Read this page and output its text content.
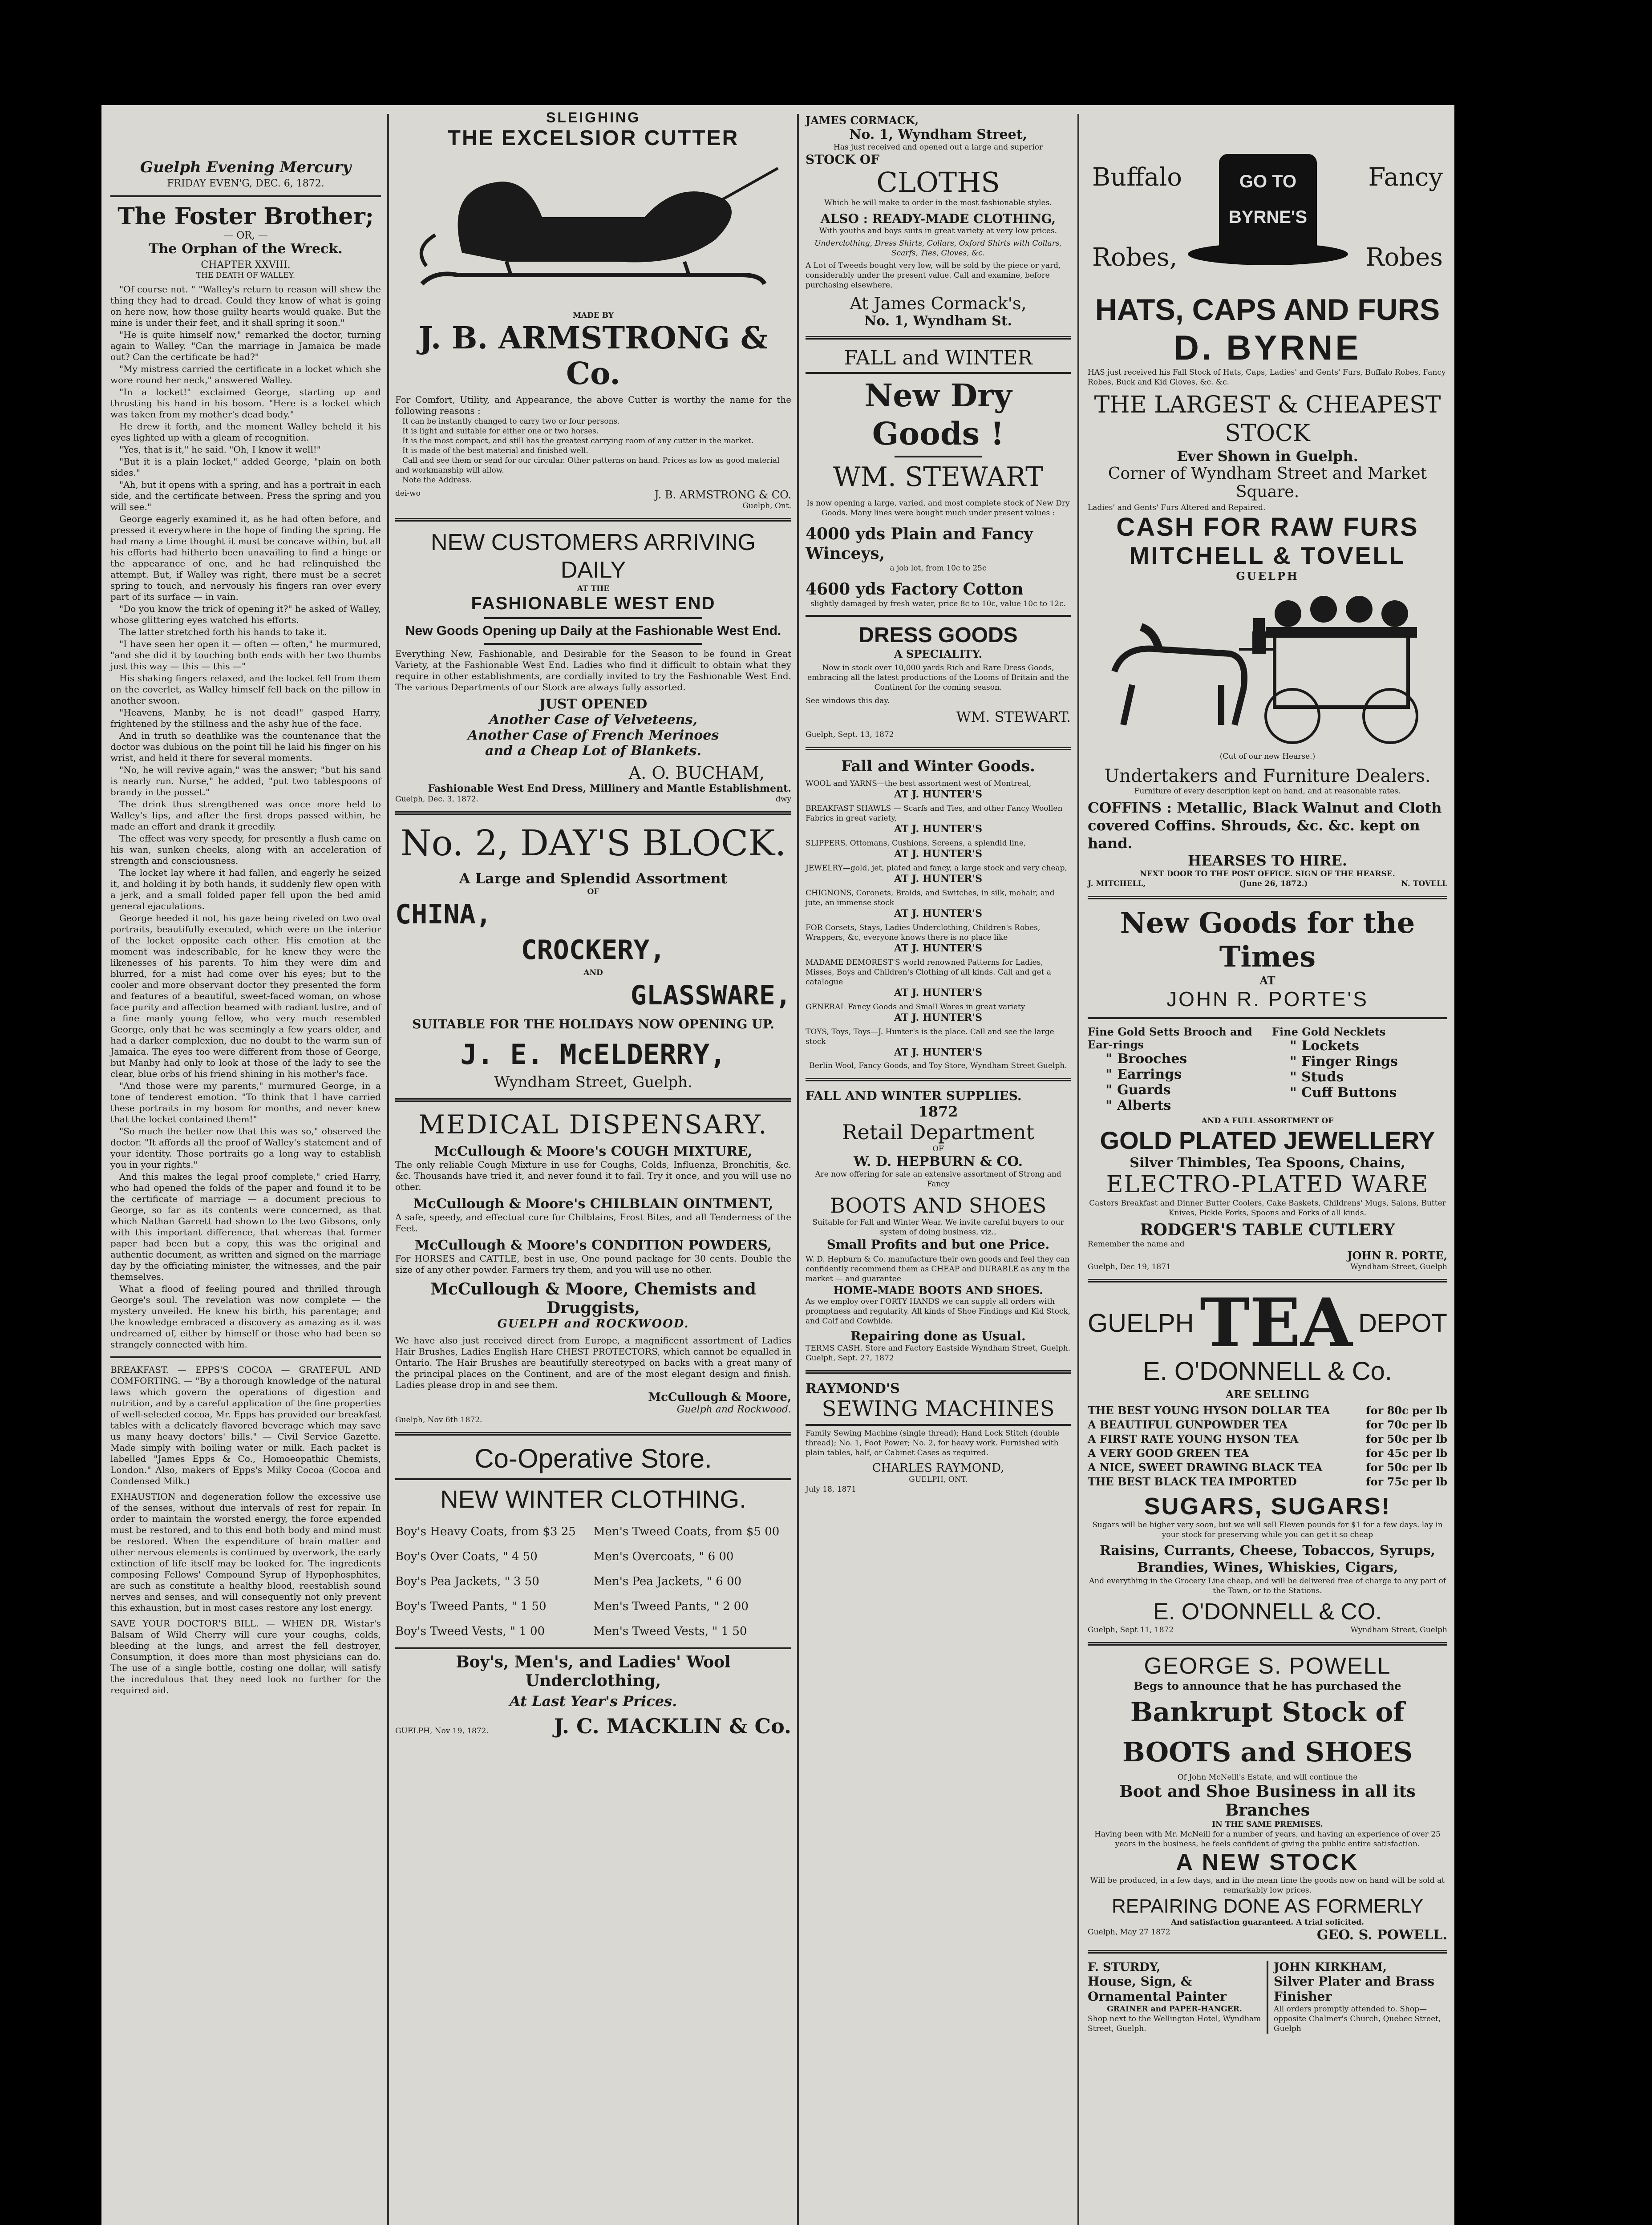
Guelph Evening Mercury
FRIDAY EVEN'G, DEC. 6, 1872.
The Foster Brother;
— OR, —
The Orphan of the Wreck.
CHAPTER XXVIII.
THE DEATH OF WALLEY.

"Of course not. " "Walley's return to reason will shew the thing they had to dread. Could they know of what is going on here now, how those guilty hearts would quake. But the mine is under their feet, and it shall spring it soon."

"He is quite himself now," remarked the doctor, turning again to Walley. "Can the marriage in Jamaica be made out? Can the certificate be had?"

"My mistress carried the certificate in a locket which she wore round her neck," answered Walley.

"In a locket!" exclaimed George, starting up and thrusting his hand in his bosom. "Here is a locket which was taken from my mother's dead body."

He drew it forth, and the moment Walley beheld it his eyes lighted up with a gleam of recognition.

"Yes, that is it," he said. "Oh, I know it well!"

"But it is a plain locket," added George, "plain on both sides."

"Ah, but it opens with a spring, and has a portrait in each side, and the certificate between. Press the spring and you will see."

George eagerly examined it, as he had often before, and pressed it everywhere in the hope of finding the spring. He had many a time thought it must be concave within, but all his efforts had hitherto been unavailing to find a hinge or the appearance of one, and he had relinquished the attempt. But, if Walley was right, there must be a secret spring to touch, and nervously his fingers ran over every part of its surface — in vain.

"Do you know the trick of opening it?" he asked of Walley, whose glittering eyes watched his efforts.

The latter stretched forth his hands to take it.

"I have seen her open it — often — often," he murmured, "and she did it by touching both ends with her two thumbs just this way — this — this —"

His shaking fingers relaxed, and the locket fell from them on the coverlet, as Walley himself fell back on the pillow in another swoon.

"Heavens, Manby, he is not dead!" gasped Harry, frightened by the stillness and the ashy hue of the face.

And in truth so deathlike was the countenance that the doctor was dubious on the point till he laid his finger on his wrist, and held it there for several moments.

"No, he will revive again," was the answer; "but his sand is nearly run. Nurse," he added, "put two tablespoons of brandy in the posset."

The drink thus strengthened was once more held to Walley's lips, and after the first drops passed within, he made an effort and drank it greedily.

The effect was very speedy, for presently a flush came on his wan, sunken cheeks, along with an acceleration of strength and consciousness.

The locket lay where it had fallen, and eagerly he seized it, and holding it by both hands, it suddenly flew open with a jerk, and a small folded paper fell upon the bed amid general ejaculations.

George heeded it not, his gaze being riveted on two oval portraits, beautifully executed, which were on the interior of the locket opposite each other. His emotion at the moment was indescribable, for he knew they were the likenesses of his parents. To him they were dim and blurred, for a mist had come over his eyes; but to the cooler and more observant doctor they presented the form and features of a beautiful, sweet-faced woman, on whose face purity and affection beamed with radiant lustre, and of a fine manly young fellow, who very much resembled George, only that he was seemingly a few years older, and had a darker complexion, due no doubt to the warm sun of Jamaica. The eyes too were different from those of George, but Manby had only to look at those of the lady to see the clear, blue orbs of his friend shining in his mother's face.

"And those were my parents," murmured George, in a tone of tenderest emotion. "To think that I have carried these portraits in my bosom for months, and never knew that the locket contained them!"

"So much the better now that this was so," observed the doctor. "It affords all the proof of Walley's statement and of your identity. Those portraits go a long way to establish you in your rights."

And this makes the legal proof complete," cried Harry, who had opened the folds of the paper and found it to be the certificate of marriage — a document precious to George, so far as its contents were concerned, as that which Nathan Garrett had shown to the two Gibsons, only with this important difference, that whereas that former paper had been but a copy, this was the original and authentic document, as written and signed on the marriage day by the officiating minister, the witnesses, and the pair themselves.

What a flood of feeling poured and thrilled through George's soul. The revelation was now complete — the mystery unveiled. He knew his birth, his parentage; and the knowledge embraced a discovery as amazing as it was undreamed of, either by himself or those who had been so strangely connected with him.

BREAKFAST. — EPPS'S COCOA — GRATEFUL AND COMFORTING. — "By a thorough knowledge of the natural laws which govern the operations of digestion and nutrition, and by a careful application of the fine properties of well-selected cocoa, Mr. Epps has provided our breakfast tables with a delicately flavored beverage which may save us many heavy doctors' bills." — Civil Service Gazette. Made simply with boiling water or milk. Each packet is labelled "James Epps & Co., Homoeopathic Chemists, London." Also, makers of Epps's Milky Cocoa (Cocoa and Condensed Milk.)

EXHAUSTION and degeneration follow the excessive use of the senses, without due intervals of rest for repair. In order to maintain the worsted energy, the force expended must be restored, and to this end both body and mind must be restored. When the expenditure of brain matter and other nervous elements is continued by overwork, the early extinction of life itself may be looked for. The ingredients composing Fellows' Compound Syrup of Hypophosphites, are such as constitute a healthy blood, reestablish sound nerves and senses, and will consequently not only prevent this exhaustion, but in most cases restore any lost energy.

SAVE YOUR DOCTOR'S BILL. — WHEN DR. Wistar's Balsam of Wild Cherry will cure your coughs, colds, bleeding at the lungs, and arrest the fell destroyer, Consumption, it does more than most physicians can do. The use of a single bottle, costing one dollar, will satisfy the incredulous that they need look no further for the required aid.

SLEIGHING
THE EXCELSIOR CUTTER
MADE BY
J. B. ARMSTRONG & Co.

For Comfort, Utility, and Appearance, the above Cutter is worthy the name for the following reasons :

It can be instantly changed to carry two or four persons.

It is light and suitable for either one or two horses.

It is the most compact, and still has the greatest carrying room of any cutter in the market.

It is made of the best material and finished well.

Call and see them or send for our circular. Other patterns on hand. Prices as low as good material and workmanship will allow.

Note the Address.

dei-wo	J. B. ARMSTRONG & CO.
Guelph, Ont.
NEW CUSTOMERS ARRIVING DAILY
AT THE
FASHIONABLE WEST END
New Goods Opening up Daily at the Fashionable West End.

Everything New, Fashionable, and Desirable for the Season to be found in Great Variety, at the Fashionable West End. Ladies who find it difficult to obtain what they require in other establishments, are cordially invited to try the Fashionable West End. The various Departments of our Stock are always fully assorted.

JUST OPENED
Another Case of Velveteens,
Another Case of French Merinoes
and a Cheap Lot of Blankets.
A. O. BUCHAM,
Fashionable West End Dress, Millinery and Mantle Establishment.
Guelph, Dec. 3, 1872.	dwy
No. 2, DAY'S BLOCK.
A Large and Splendid Assortment
OF
CHINA,
CROCKERY,
AND
GLASSWARE,
SUITABLE FOR THE HOLIDAYS NOW OPENING UP.
J. E. McELDERRY,
Wyndham Street, Guelph.
MEDICAL DISPENSARY.
McCullough & Moore's COUGH MIXTURE,

The only reliable Cough Mixture in use for Coughs, Colds, Influenza, Bronchitis, &c. &c. Thousands have tried it, and never found it to fail. Try it once, and you will use no other.

McCullough & Moore's CHILBLAIN OINTMENT,

A safe, speedy, and effectual cure for Chilblains, Frost Bites, and all Tenderness of the Feet.

McCullough & Moore's CONDITION POWDERS,

For HORSES and CATTLE, best in use, One pound package for 30 cents. Double the size of any other powder. Farmers try them, and you will use no other.

McCullough & Moore, Chemists and Druggists,
GUELPH and ROCKWOOD.

We have also just received direct from Europe, a magnificent assortment of Ladies Hair Brushes, Ladies English Hare CHEST PROTECTORS, which cannot be equalled in Ontario. The Hair Brushes are beautifully stereotyped on backs with a great many of the principal places on the Continent, and are of the most elegant design and finish. Ladies please drop in and see them.

McCullough & Moore,
Guelph and Rockwood.
Guelph, Nov 6th 1872.
Co-Operative Store.
NEW WINTER CLOTHING.
Boy's Heavy Coats, from $3 25	Men's Tweed Coats, from $5 00
Boy's Over Coats, " 4 50	Men's Overcoats, " 6 00
Boy's Pea Jackets, " 3 50	Men's Pea Jackets, " 6 00
Boy's Tweed Pants, " 1 50	Men's Tweed Pants, " 2 00
Boy's Tweed Vests, " 1 00	Men's Tweed Vests, " 1 50
Boy's, Men's, and Ladies' Wool Underclothing,
At Last Year's Prices.
GUELPH, Nov 19, 1872.	J. C. MACKLIN & Co.
JAMES CORMACK,
No. 1, Wyndham Street,

Has just received and opened out a large and superior

STOCK OF
CLOTHS

Which he will make to order in the most fashionable styles.

ALSO : READY-MADE CLOTHING,

With youths and boys suits in great variety at very low prices.

Underclothing, Dress Shirts, Collars, Oxford Shirts with Collars, Scarfs, Ties, Gloves, &c.

A Lot of Tweeds bought very low, will be sold by the piece or yard, considerably under the present value. Call and examine, before purchasing elsewhere,

At James Cormack's,
No. 1, Wyndham St.
FALL and WINTER
New Dry Goods !
WM. STEWART

Is now opening a large, varied, and most complete stock of New Dry Goods. Many lines were bought much under present values :

4000 yds Plain and Fancy Winceys,
a job lot, from 10c to 25c
4600 yds Factory Cotton
slightly damaged by fresh water, price 8c to 10c, value 10c to 12c.
DRESS GOODS
A SPECIALITY.

Now in stock over 10,000 yards Rich and Rare Dress Goods, embracing all the latest productions of the Looms of Britain and the Continent for the coming season.

See windows this day.
WM. STEWART.
Guelph, Sept. 13, 1872
Fall and Winter Goods.

WOOL and YARNS—the best assortment west of Montreal,

AT J. HUNTER'S

BREAKFAST SHAWLS — Scarfs and Ties, and other Fancy Woollen Fabrics in great variety,

AT J. HUNTER'S

SLIPPERS, Ottomans, Cushions, Screens, a splendid line,

AT J. HUNTER'S

JEWELRY—gold, jet, plated and fancy, a large stock and very cheap,

AT J. HUNTER'S

CHIGNONS, Coronets, Braids, and Switches, in silk, mohair, and jute, an immense stock

AT J. HUNTER'S

FOR Corsets, Stays, Ladies Underclothing, Children's Robes, Wrappers, &c, everyone knows there is no place like

AT J. HUNTER'S

MADAME DEMOREST'S world renowned Patterns for Ladies, Misses, Boys and Children's Clothing of all kinds. Call and get a catalogue

AT J. HUNTER'S

GENERAL Fancy Goods and Small Wares in great variety

AT J. HUNTER'S

TOYS, Toys, Toys—J. Hunter's is the place. Call and see the large stock

AT J. HUNTER'S

Berlin Wool, Fancy Goods, and Toy Store, Wyndham Street Guelph.

FALL AND WINTER SUPPLIES.
1872
Retail Department
OF
W. D. HEPBURN & CO.

Are now offering for sale an extensive assortment of Strong and Fancy

BOOTS AND SHOES

Suitable for Fall and Winter Wear. We invite careful buyers to our system of doing business, viz.,

Small Profits and but one Price.

W. D. Hepburn & Co. manufacture their own goods and feel they can confidently recommend them as CHEAP and DURABLE as any in the market — and guarantee

HOME-MADE BOOTS AND SHOES.

As we employ over FORTY HANDS we can supply all orders with promptness and regularity. All kinds of Shoe Findings and Kid Stock, and Calf and Cowhide.

Repairing done as Usual.

TERMS CASH. Store and Factory Eastside Wyndham Street, Guelph.

Guelph, Sept. 27, 1872
RAYMOND'S
SEWING MACHINES

Family Sewing Machine (single thread); Hand Lock Stitch (double thread); No. 1, Foot Power; No. 2, for heavy work. Furnished with plain tables, half, or Cabinet Cases as required.

CHARLES RAYMOND,
GUELPH, ONT.
July 18, 1871
Buffalo	Fancy
Robes,	Robes
GO TO
BYRNE'S
HATS, CAPS AND FURS
D. BYRNE

HAS just received his Fall Stock of Hats, Caps, Ladies' and Gents' Furs, Buffalo Robes, Fancy Robes, Buck and Kid Gloves, &c. &c.

THE LARGEST & CHEAPEST STOCK
Ever Shown in Guelph.
Corner of Wyndham Street and Market Square.
Ladies' and Gents' Furs Altered and Repaired.
CASH FOR RAW FURS
MITCHELL & TOVELL
GUELPH
(Cut of our new Hearse.)
Undertakers and Furniture Dealers.
Furniture of every description kept on hand, and at reasonable rates.
COFFINS : Metallic, Black Walnut and Cloth covered Coffins. Shrouds, &c. &c. kept on hand.
HEARSES TO HIRE.
NEXT DOOR TO THE POST OFFICE. SIGN OF THE HEARSE.
J. MITCHELL,	(June 26, 1872.)	N. TOVELL
New Goods for the Times
AT
JOHN R. PORTE'S
Fine Gold Setts Brooch and Ear-rings
" Brooches
" Earrings
" Guards
" Alberts
Fine Gold Necklets
" Lockets
" Finger Rings
" Studs
" Cuff Buttons
AND A FULL ASSORTMENT OF
GOLD PLATED JEWELLERY
Silver Thimbles, Tea Spoons, Chains,
ELECTRO-PLATED WARE

Castors Breakfast and Dinner Butter Coolers, Cake Baskets, Childrens' Mugs, Salons, Butter Knives, Pickle Forks, Spoons and Forks of all kinds.

RODGER'S TABLE CUTLERY
Remember the name and
JOHN R. PORTE,
Guelph, Dec 19, 1871	Wyndham-Street, Guelph
GUELPH TEA DEPOT
E. O'DONNELL & Co.
ARE SELLING
THE BEST YOUNG HYSON DOLLAR TEA	for 80c per lb
A BEAUTIFUL GUNPOWDER TEA	for 70c per lb
A FIRST RATE YOUNG HYSON TEA	for 50c per lb
A VERY GOOD GREEN TEA	for 45c per lb
A NICE, SWEET DRAWING BLACK TEA	for 50c per lb
THE BEST BLACK TEA IMPORTED	for 75c per lb
SUGARS, SUGARS!

Sugars will be higher very soon, but we will sell Eleven pounds for $1 for a few days. lay in your stock for preserving while you can get it so cheap

Raisins, Currants, Cheese, Tobaccos, Syrups, Brandies, Wines, Whiskies, Cigars,

And everything in the Grocery Line cheap, and will be delivered free of charge to any part of the Town, or to the Stations.

E. O'DONNELL & CO.
Guelph, Sept 11, 1872	Wyndham Street, Guelph
GEORGE S. POWELL
Begs to announce that he has purchased the
Bankrupt Stock of BOOTS and SHOES
Of John McNeill's Estate, and will continue the
Boot and Shoe Business in all its Branches
IN THE SAME PREMISES.

Having been with Mr. McNeill for a number of years, and having an experience of over 25 years in the business, he feels confident of giving the public entire satisfaction.

A NEW STOCK

Will be produced, in a few days, and in the mean time the goods now on hand will be sold at remarkably low prices.

REPAIRING DONE AS FORMERLY
And satisfaction guaranteed. A trial solicited.
Guelph, May 27 1872	GEO. S. POWELL.
F. STURDY,
House, Sign, & Ornamental Painter
GRAINER and PAPER-HANGER.

Shop next to the Wellington Hotel, Wyndham Street, Guelph.

JOHN KIRKHAM,
Silver Plater and Brass Finisher

All orders promptly attended to. Shop—opposite Chalmer's Church, Quebec Street, Guelph
